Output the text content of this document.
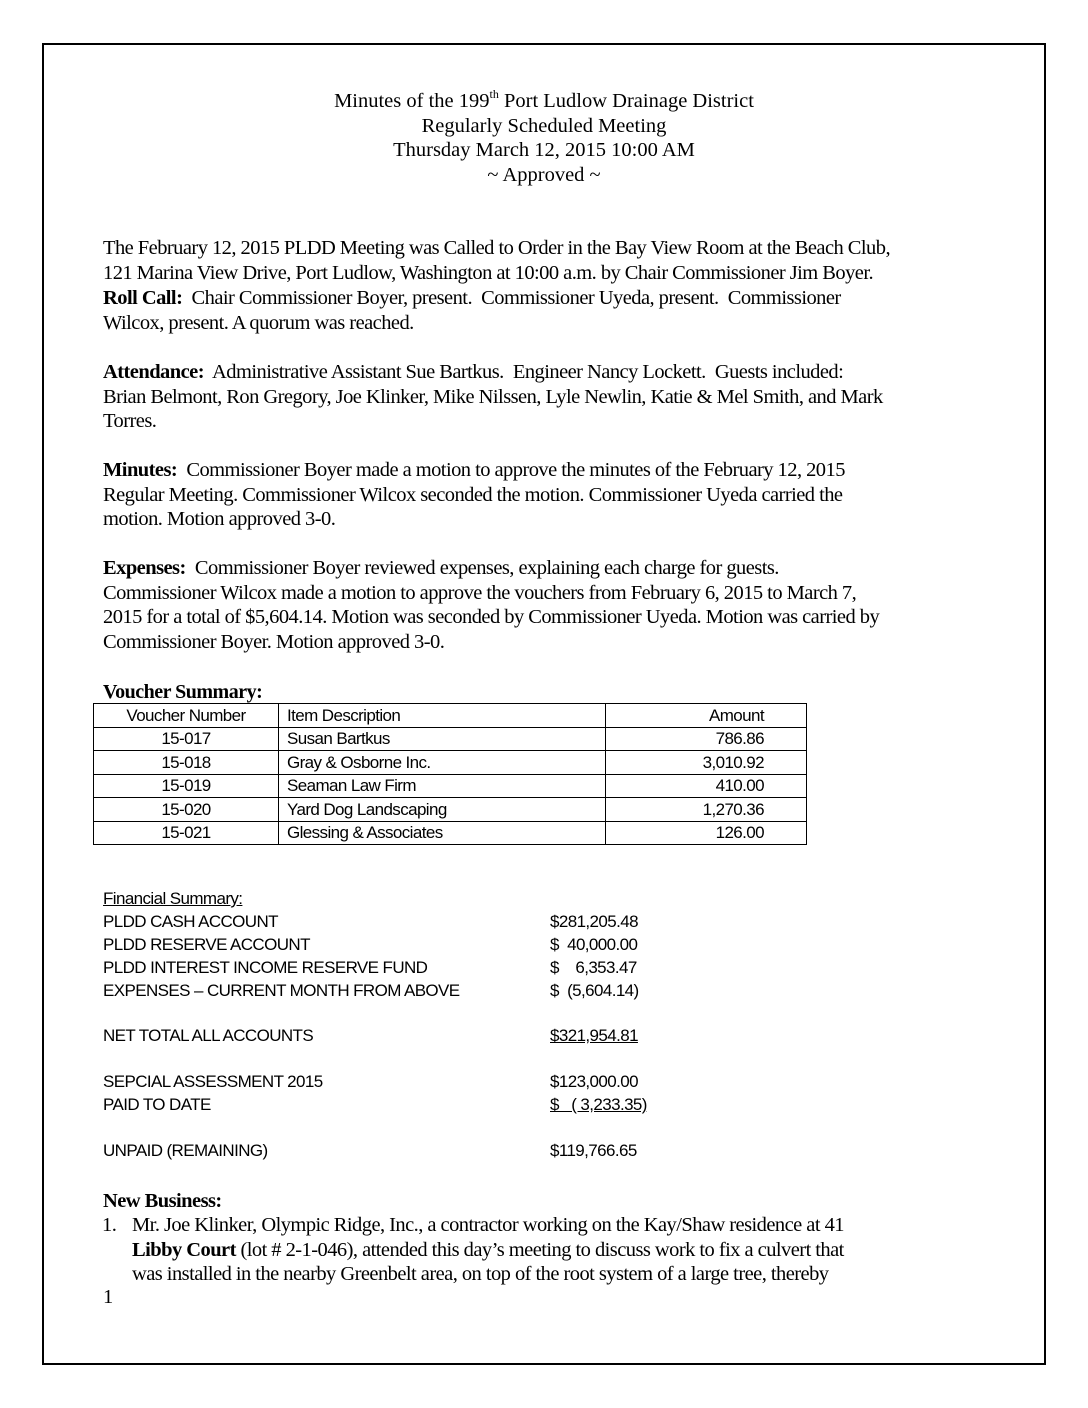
Minutes of the 199th Port Ludlow Drainage District
Regularly Scheduled Meeting
Thursday March 12, 2015 10:00 AM
~ Approved ~
The February 12, 2015 PLDD Meeting was Called to Order in the Bay View Room at the Beach Club,
121 Marina View Drive, Port Ludlow, Washington at 10:00 a.m. by Chair Commissioner Jim Boyer.
Roll Call:  Chair Commissioner Boyer, present.  Commissioner Uyeda, present.  Commissioner
Wilcox, present. A quorum was reached.
Attendance:  Administrative Assistant Sue Bartkus.  Engineer Nancy Lockett.  Guests included:
Brian Belmont, Ron Gregory, Joe Klinker, Mike Nilssen, Lyle Newlin, Katie & Mel Smith, and Mark
Torres.
Minutes:  Commissioner Boyer made a motion to approve the minutes of the February 12, 2015
Regular Meeting. Commissioner Wilcox seconded the motion. Commissioner Uyeda carried the
motion. Motion approved 3-0.
Expenses:  Commissioner Boyer reviewed expenses, explaining each charge for guests.
Commissioner Wilcox made a motion to approve the vouchers from February 6, 2015 to March 7,
2015 for a total of $5,604.14. Motion was seconded by Commissioner Uyeda. Motion was carried by
Commissioner Boyer. Motion approved 3-0.
Voucher Summary:
Voucher Number	Item Description	Amount
15-017	Susan Bartkus	786.86
15-018	Gray & Osborne Inc.	3,010.92
15-019	Seaman Law Firm	410.00
15-020	Yard Dog Landscaping	1,270.36
15-021	Glessing & Associates	126.00
Financial Summary:
PLDD CASH ACCOUNT	$281,205.48
PLDD RESERVE ACCOUNT	$  40,000.00
PLDD INTEREST INCOME RESERVE FUND	$    6,353.47
EXPENSES – CURRENT MONTH FROM ABOVE	$  (5,604.14)
NET TOTAL ALL ACCOUNTS	$321,954.81
SEPCIAL ASSESSMENT 2015	$123,000.00
PAID TO DATE	$   ( 3,233.35)
UNPAID (REMAINING)	$119,766.65
New Business:
1. Mr. Joe Klinker, Olympic Ridge, Inc., a contractor working on the Kay/Shaw residence at 41
Libby Court (lot # 2-1-046), attended this day’s meeting to discuss work to fix a culvert that
was installed in the nearby Greenbelt area, on top of the root system of a large tree, thereby
1
